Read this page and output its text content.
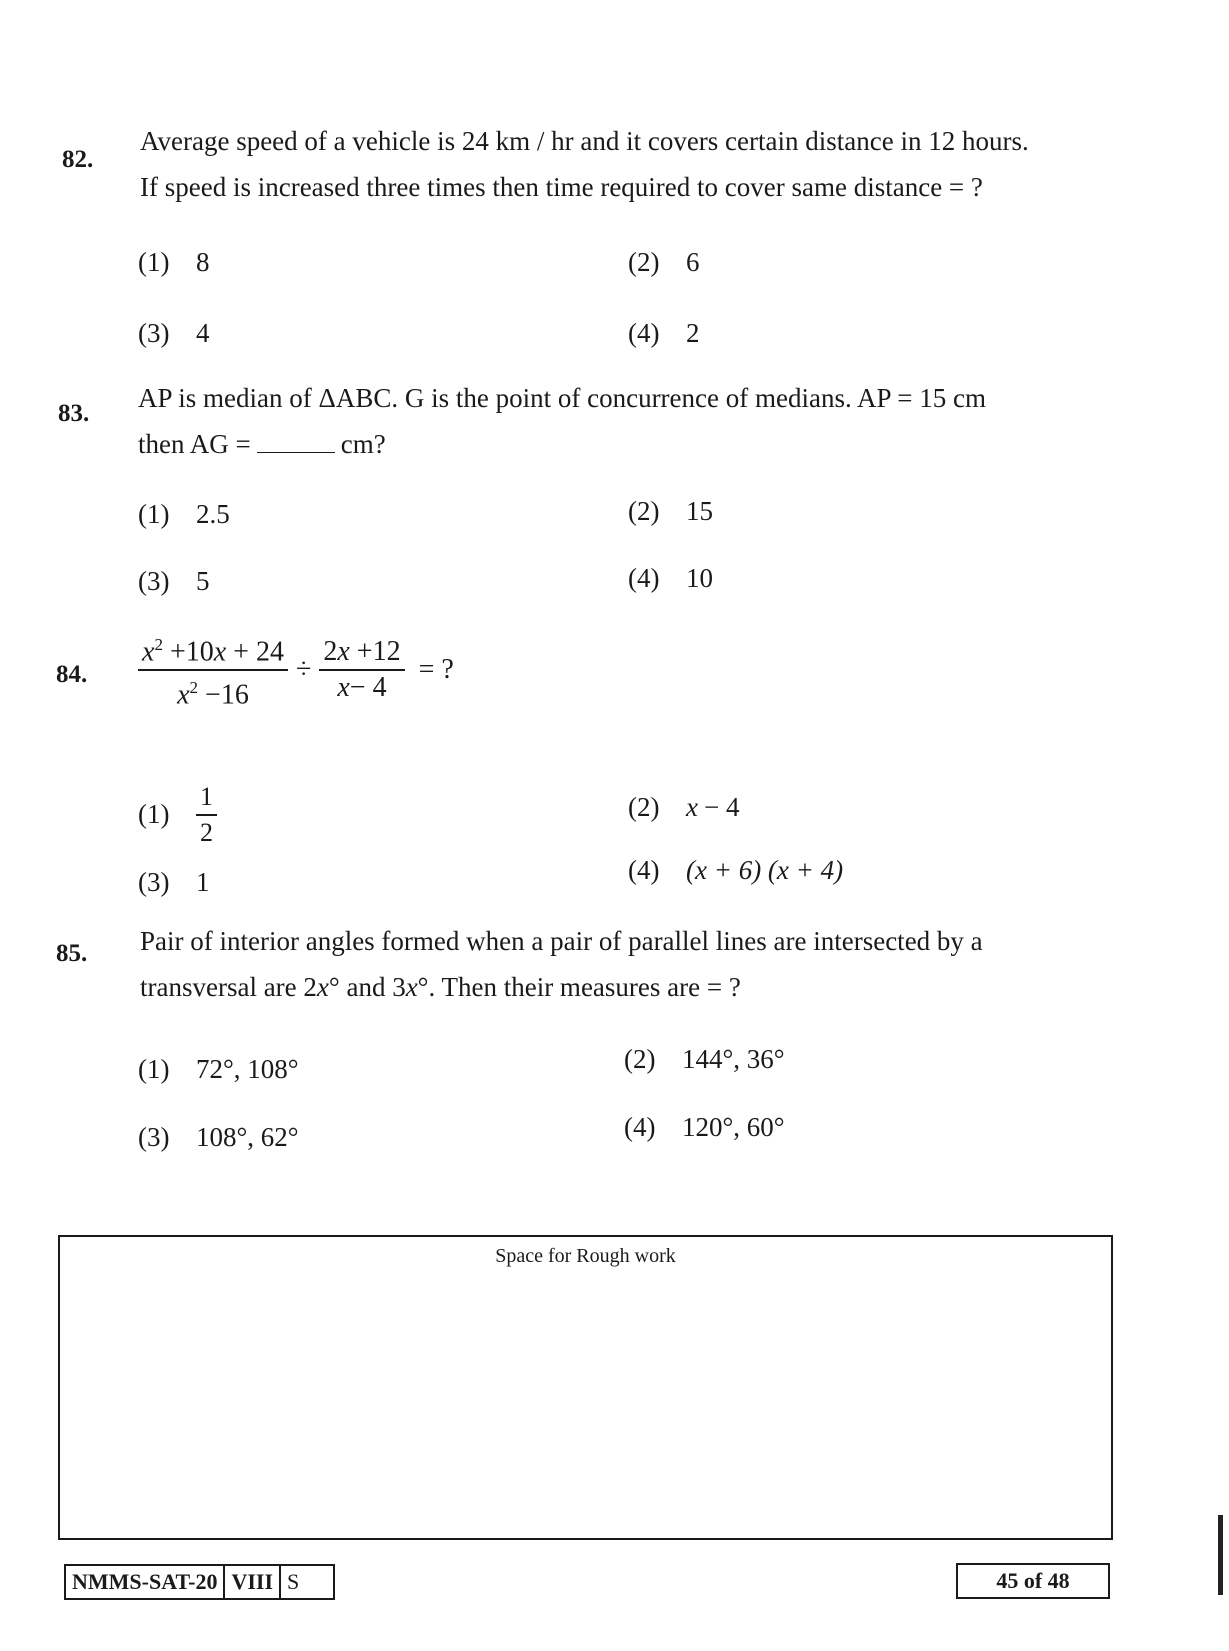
82.
Average speed of a vehicle is 24 km / hr and it covers certain distance in 12 hours.
If speed is increased three times then time required to cover same distance = ?
(1) 8	(2) 6
(3) 4	(4) 2
83.
AP is median of ΔABC. G is the point of concurrence of medians. AP = 15 cm
then AG =	cm?
(1) 2.5	(2) 15
(3) 5	(4) 10
84. $\frac{x^2 +10x + 24}{x^2 -16} \div \frac{2x +12}{x- 4}$ = ?
(1)	$\frac{1}{2}$	(2) x − 4
(3) 1	(4) (x + 6) (x + 4)
85. Pair of interior angles formed when a pair of parallel lines are intersected by a
transversal are 2x° and 3x°. Then their measures are = ?
(1) 72°, 108°	(2) 144°, 36°
(3) 108°, 62°	(4) 120°, 60°
Space for Rough work
NMMS-SAT-20 VIII S	45 of 48
